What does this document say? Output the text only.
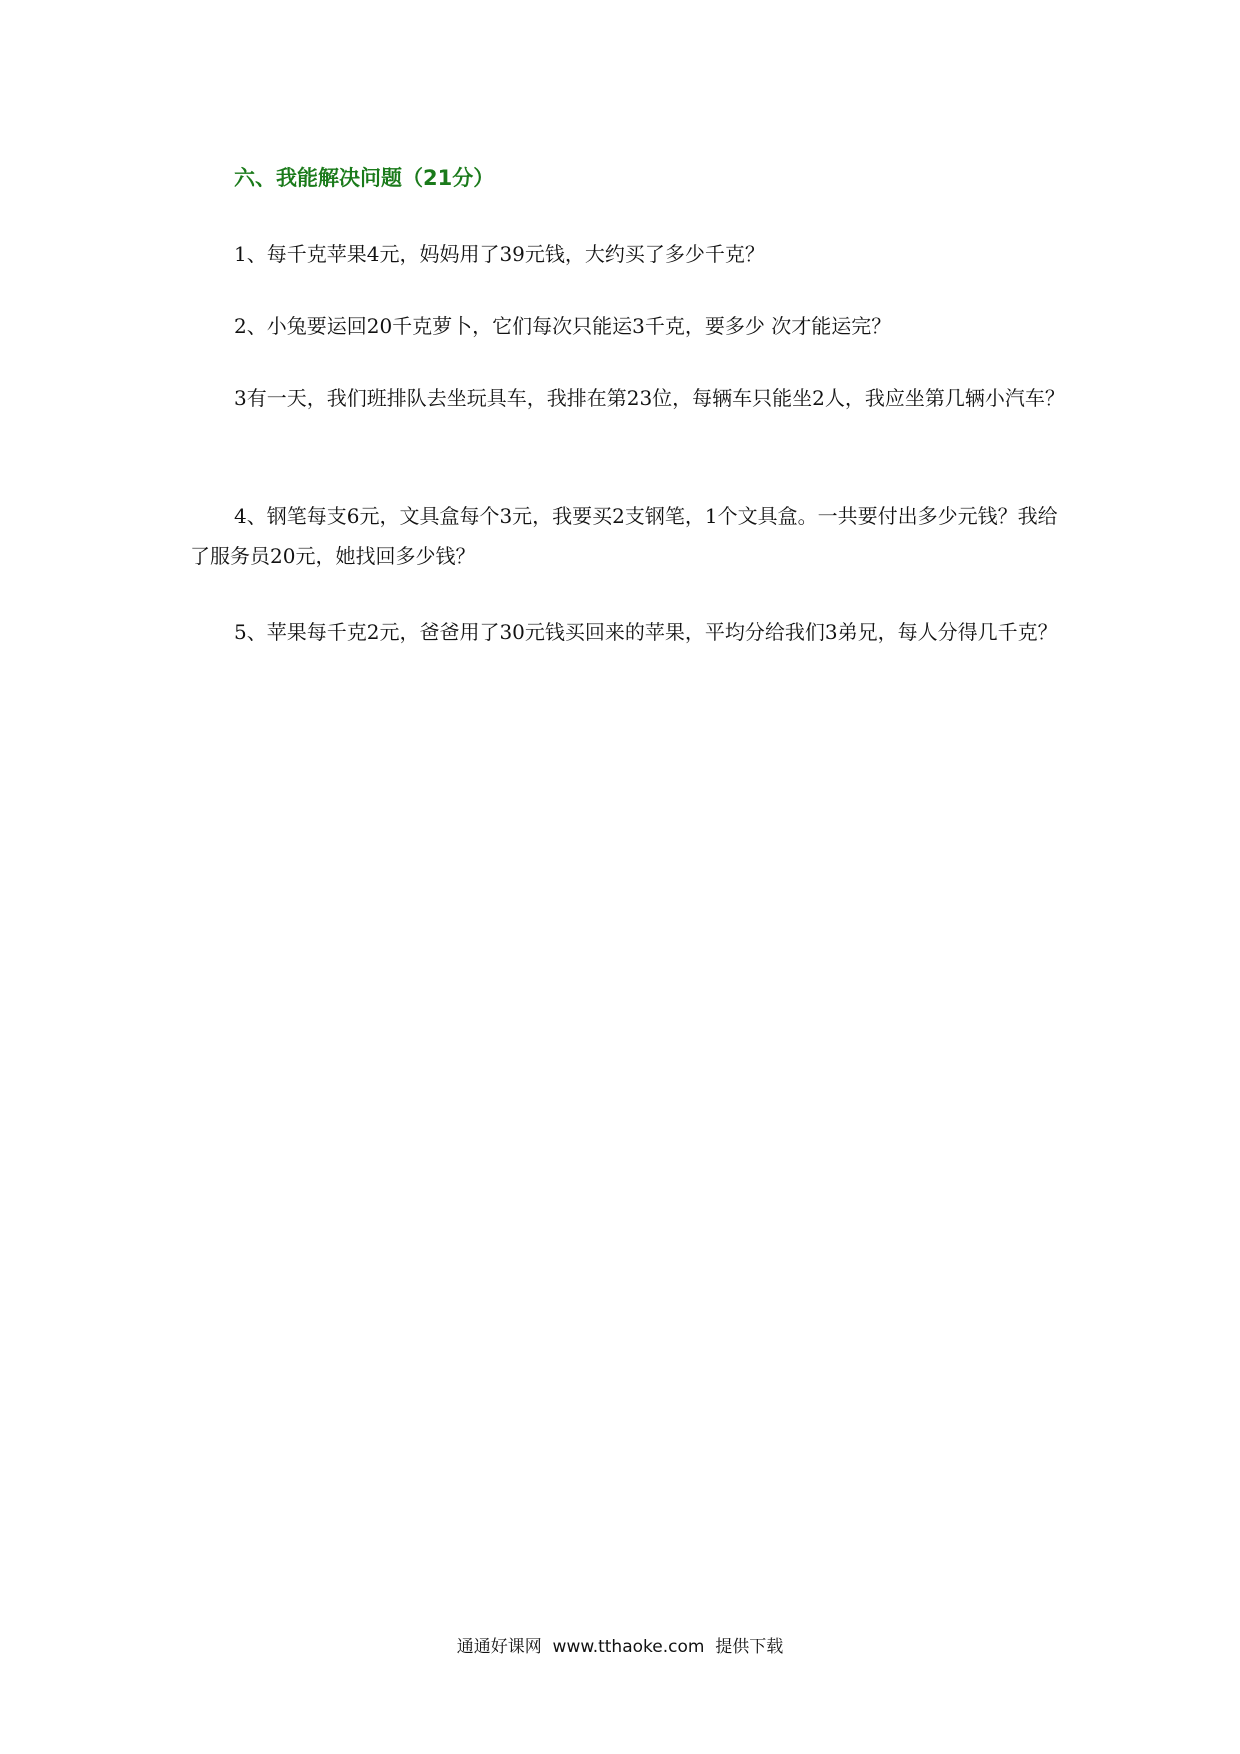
六、我能解决问题（21分）

1、每千克苹果4元，妈妈用了39元钱，大约买了多少千克？

2、小兔要运回20千克萝卜，它们每次只能运3千克，要多少 次才能运完？

3有一天，我们班排队去坐玩具车，我排在第23位，每辆车只能坐2人，我应坐第几辆小汽车？

4、钢笔每支6元，文具盒每个3元，我要买2支钢笔，1个文具盒。一共要付出多少元钱？我给了服务员20元，她找回多少钱？

5、苹果每千克2元，爸爸用了30元钱买回来的苹果，平均分给我们3弟兄，每人分得几千克？

通通好课网  www.tthaoke.com  提供下载
